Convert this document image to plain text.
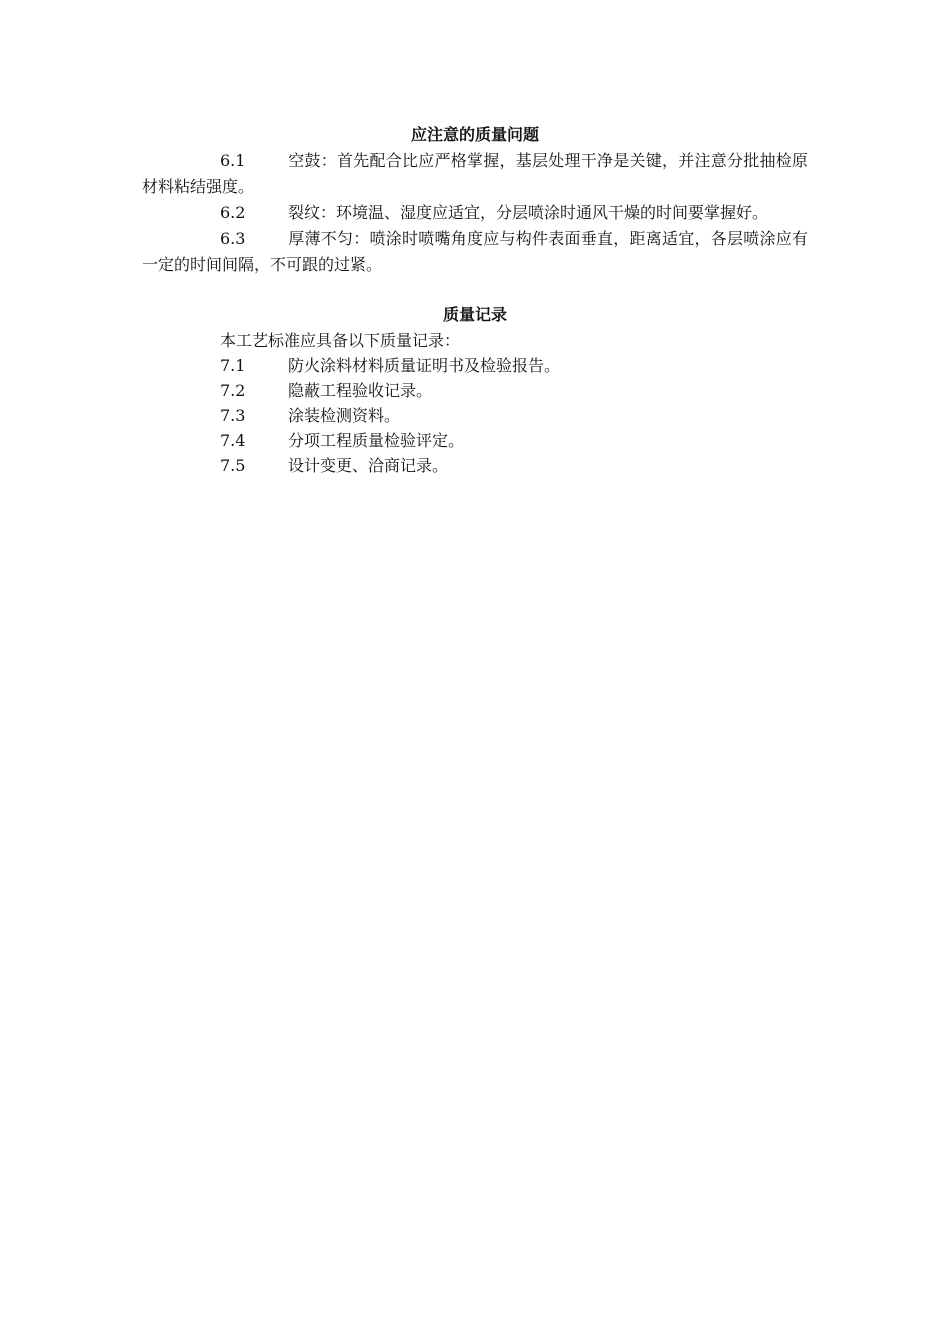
应注意的质量问题

6.1	空鼓：首先配合比应严格掌握，基层处理干净是关键，并注意分批抽检原材料粘结强度。

6.2	裂纹：环境温、湿度应适宜，分层喷涂时通风干燥的时间要掌握好。

6.3	厚薄不匀：喷涂时喷嘴角度应与构件表面垂直，距离适宜，各层喷涂应有一定的时间间隔，不可跟的过紧。

质量记录

本工艺标准应具备以下质量记录：

7.1	防火涂料材料质量证明书及检验报告。

7.2	隐蔽工程验收记录。

7.3	涂装检测资料。

7.4	分项工程质量检验评定。

7.5	设计变更、洽商记录。
